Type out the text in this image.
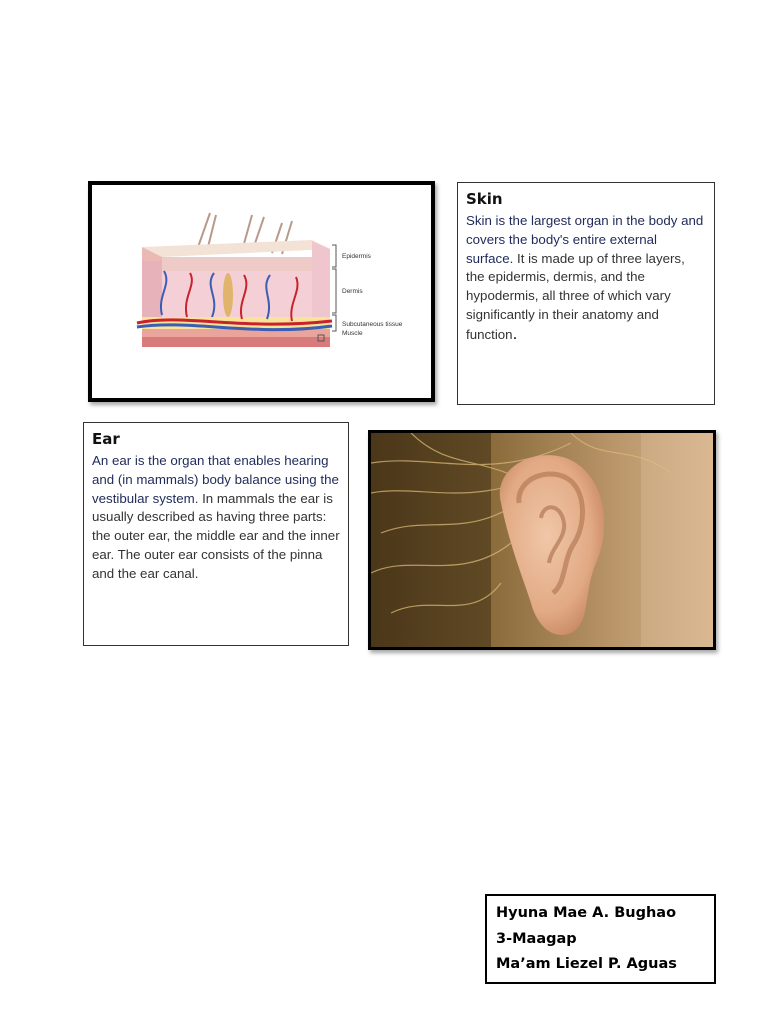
Epidermis
Dermis
Subcutaneous tissue
Muscle
Skin

Skin is the largest organ in the body and covers the body's entire external surface. It is made up of three layers, the epidermis, dermis, and the hypodermis, all three of which vary significantly in their anatomy and function.

Ear

An ear is the organ that enables hearing and (in mammals) body balance using the vestibular system. In mammals the ear is usually described as having three parts: the outer ear, the middle ear and the inner ear. The outer ear consists of the pinna and the ear canal.

Hyuna Mae A. Bughao
3-Maagap
Ma’am Liezel P. Aguas
